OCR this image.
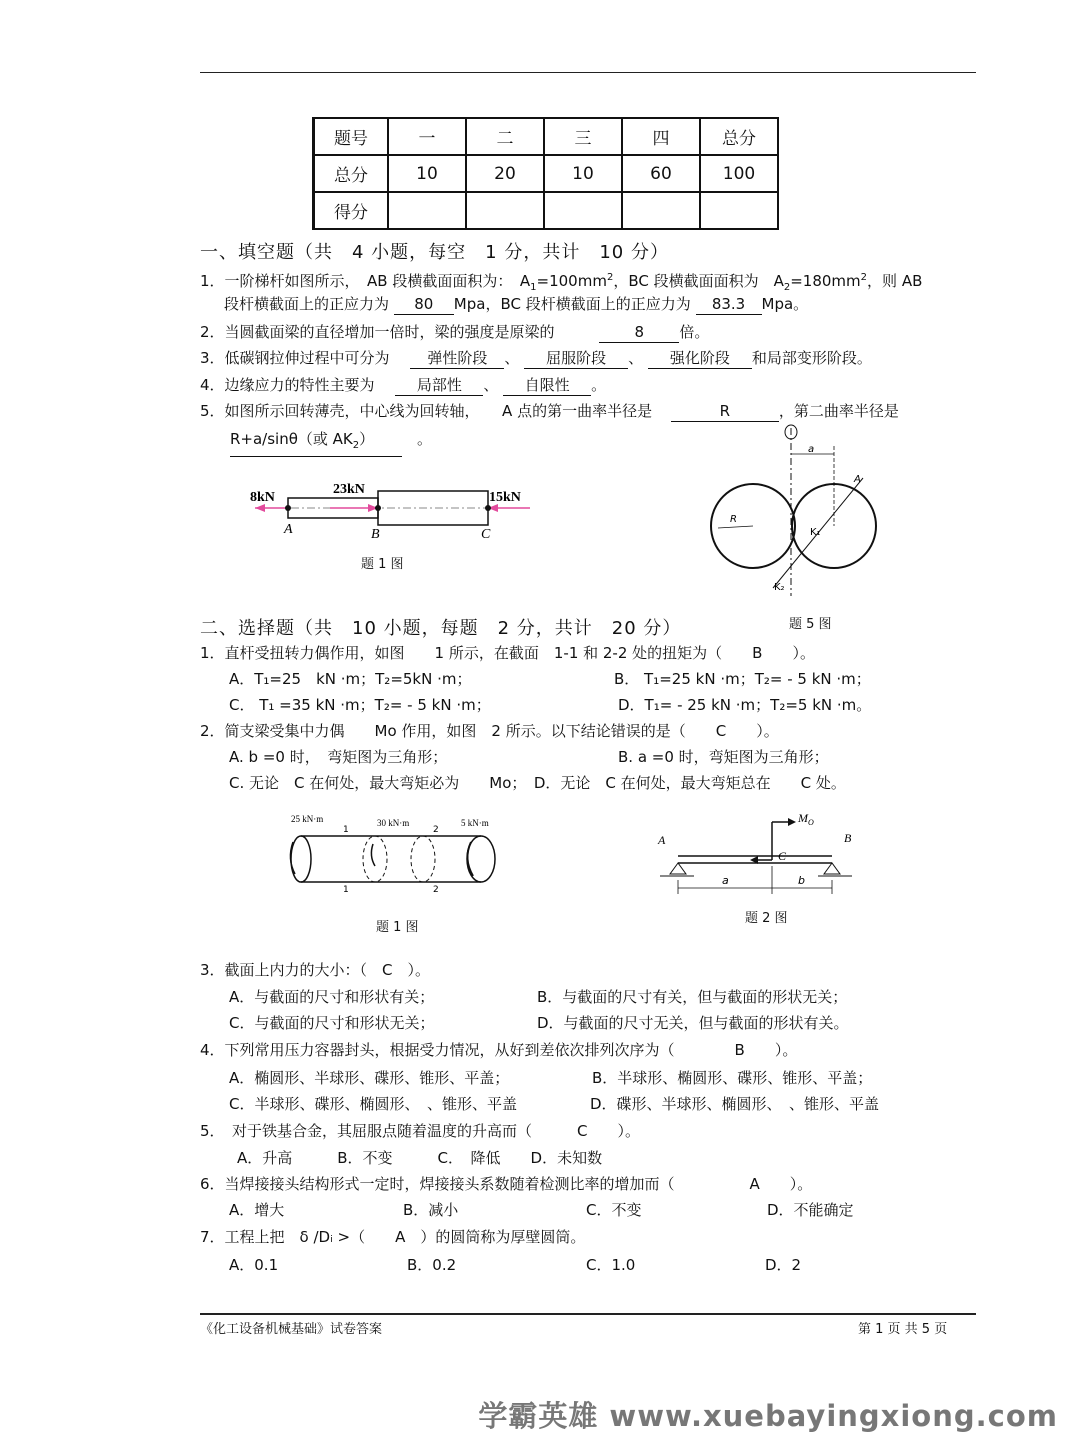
题号	一	二	三	四	总分
总分	10	20	10	60	100
得分					
一、填空题（共　4 小题，每空　1 分，共计　10 分）
1．一阶梯杆如图所示，　AB 段横截面面积为：　$A_1=100mm^2$，BC 段横截面面积为　$A_2=180mm^2$，则 AB
段杆横截面上的正应力为 80 Mpa，BC 段杆横截面上的正应力为 83.3 Mpa。
2．当圆截面梁的直径增加一倍时，梁的强度是原梁的	8 倍。
3．低碳钢拉伸过程中可分为	弹性阶段 、 屈服阶段 、 强化阶段 和局部变形阶段。
4．边缘应力的特性主要为	局部性 、 自限性 。
5．如图所示回转薄壳，中心线为回转轴，　　A 点的第一曲率半径是	R	，第二曲率半径是
R+a/sinθ（或 $AK_2$）　。
8kN
23kN
15kN
A	B	C
题 1 图
a
A
R
K₁
K₂
题 5 图
二、选择题（共　10 小题，每题　2 分，共计　20 分）
1．直杆受扭转力偶作用，如图　　1 所示，在截面　1-1 和 2-2 处的扭矩为（　　B　　）。
A．T₁=25　kN ·m；T₂=5kN ·m；	B． T₁=25 kN ·m；T₂= - 5 kN ·m；
C． T₁ =35 kN ·m；T₂= - 5 kN ·m；	D．T₁= - 25 kN ·m；T₂=5 kN ·m。
2．简支梁受集中力偶　　Mo 作用，如图　2 所示。以下结论错误的是（　　C　　）。
A. b =0 时，　弯矩图为三角形；	B. a =0 时，弯矩图为三角形；
C. 无论　C 在何处，最大弯矩必为　　Mo；　D．无论　C 在何处，最大弯矩总在　　C 处。
25 kN·m	30 kN·m	5 kN·m
1
1
2
2
题 1 图
$M_O$
A	B
C
a	b
题 2 图
3．截面上内力的大小：（　C　）。
A．与截面的尺寸和形状有关；	B．与截面的尺寸有关，但与截面的形状无关；
C．与截面的尺寸和形状无关；	D．与截面的尺寸无关，但与截面的形状有关。
4．下列常用压力容器封头，根据受力情况，从好到差依次排列次序为（　　　　B　　）。
A．椭圆形、半球形、碟形、锥形、平盖；	B．半球形、椭圆形、碟形、锥形、平盖；
C．半球形、碟形、椭圆形、　、锥形、平盖	D．碟形、半球形、椭圆形、　、锥形、平盖
5．　对于铁基合金，其屈服点随着温度的升高而（　　　C　　）。
A．升高　　　B．不变　　　C．　降低　　D．未知数
6．当焊接接头结构形式一定时，焊接接头系数随着检测比率的增加而（　　　　　A　　）。
A．增大	B．减小	C．不变	D．不能确定
7．工程上把　δ /Dᵢ >（　　A　）的圆筒称为厚壁圆筒。
A．0.1	B．0.2	C．1.0	D．2
《化工设备机械基础》试卷答案	第 1 页 共 5 页
学霸英雄 www.xuebayingxiong.com
